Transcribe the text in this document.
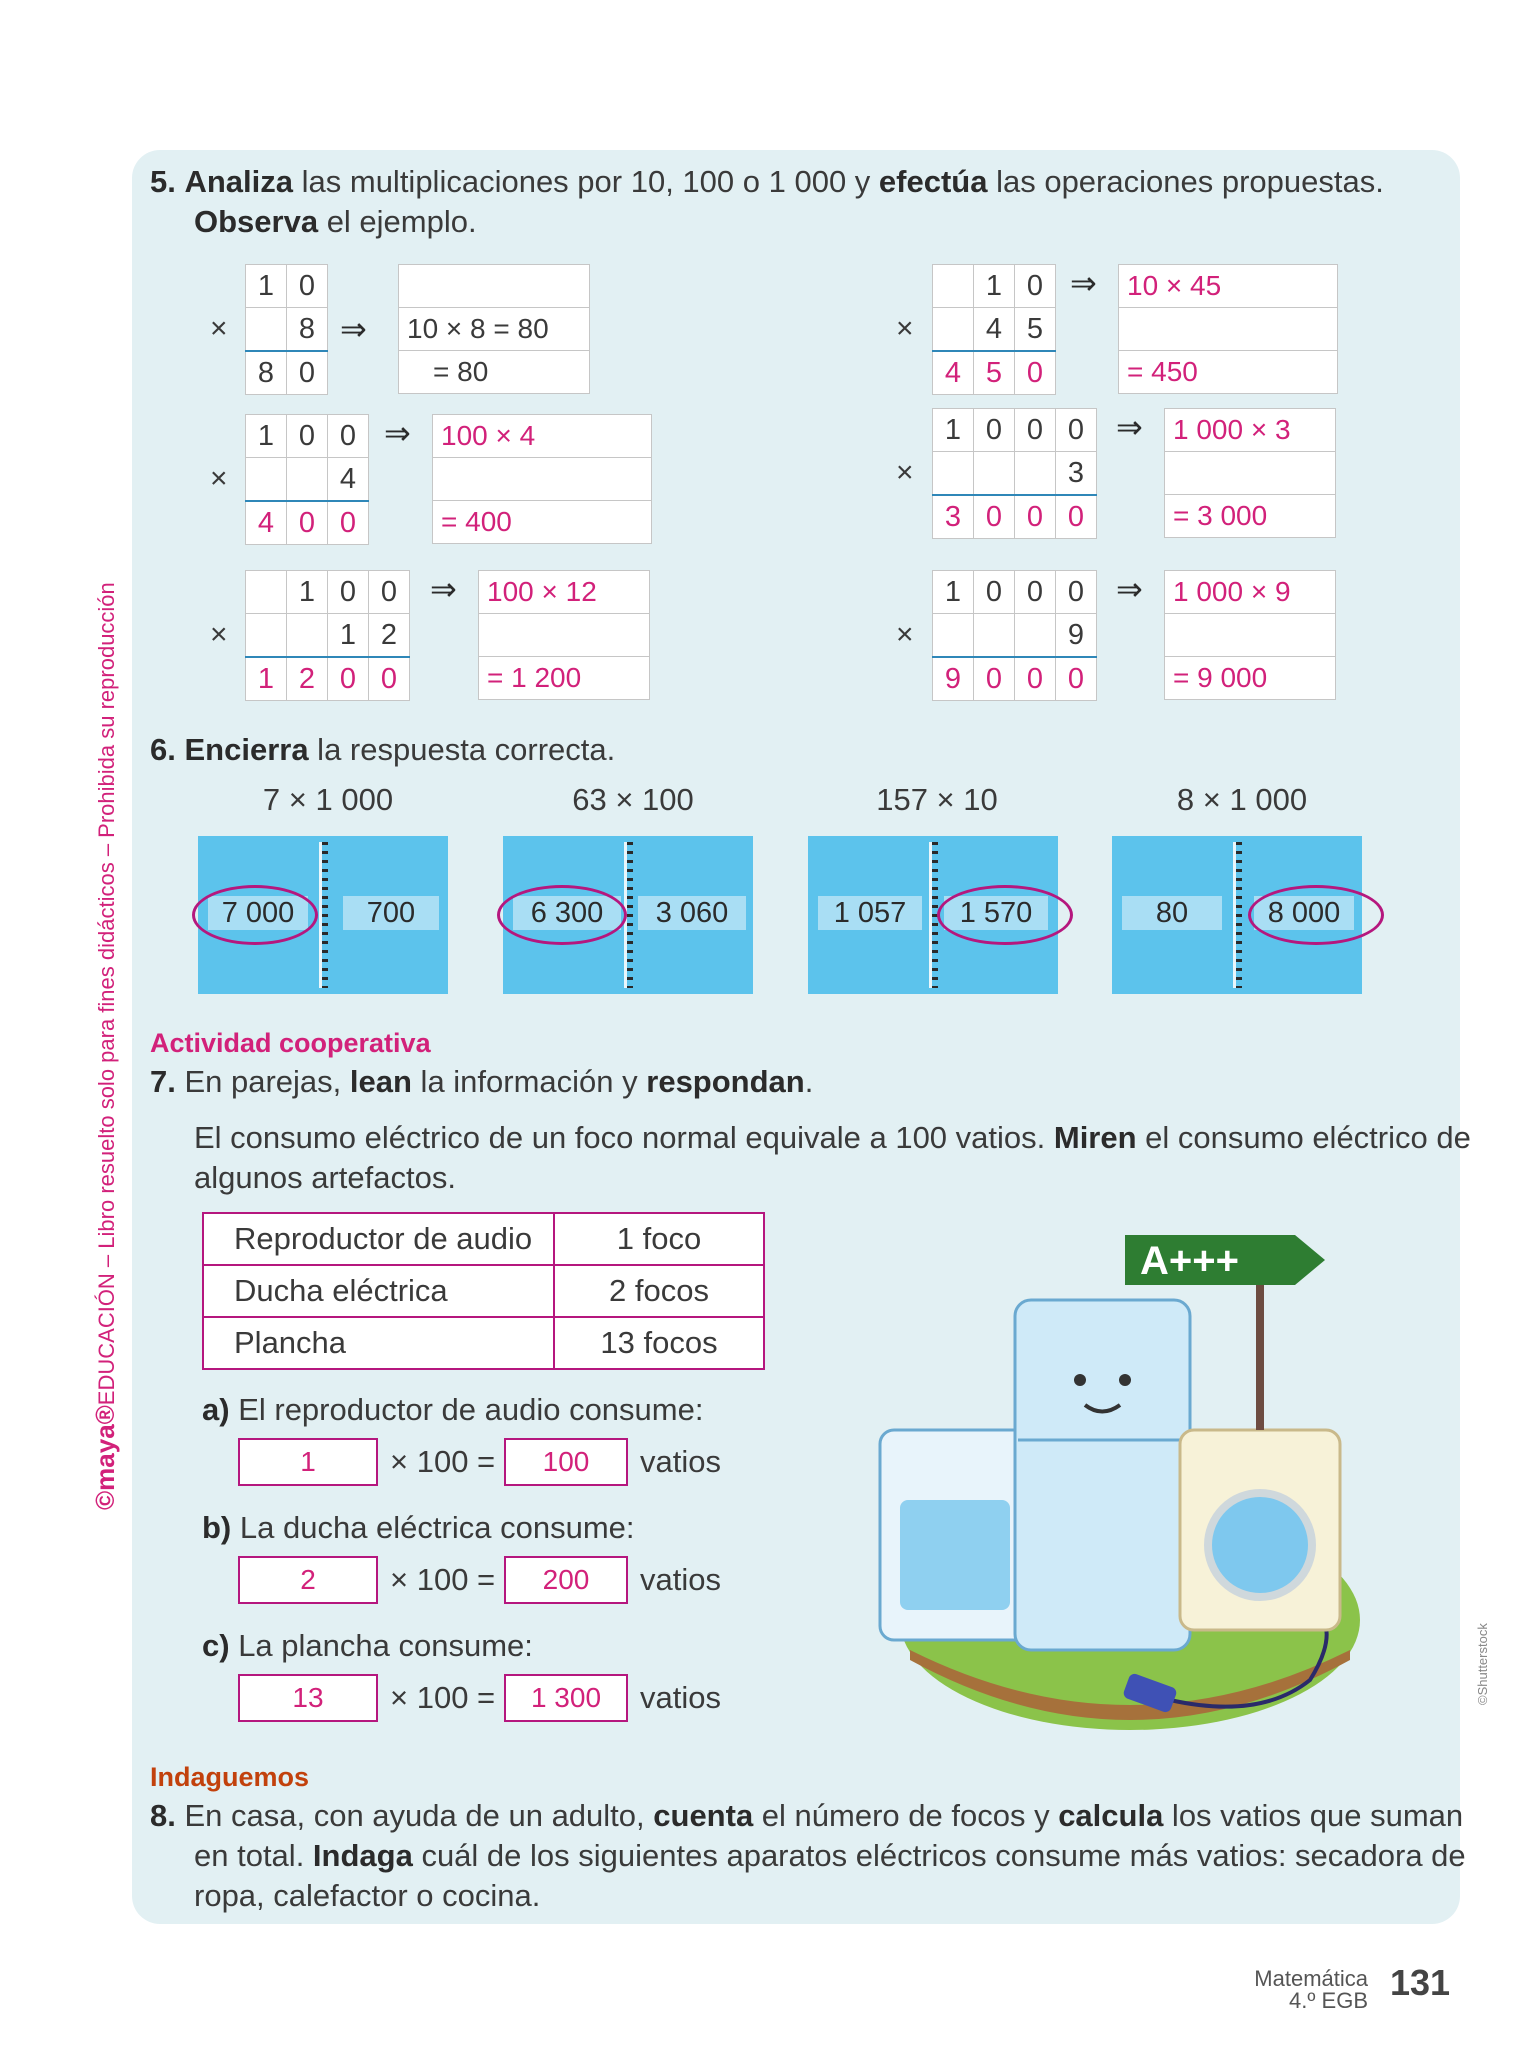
©maya®EDUCACIÓN – Libro resuelto solo para fines didácticos – Prohibida su reproducción
5. Analiza las multiplicaciones por 10, 100 o 1 000 y efectúa las operaciones propuestas.
Observa el ejemplo.
×
1	0
	8
8	0
⇒ 10 × 8 = 80
= 80
×
1	0	0
		4
4	0	0
⇒ 100 × 4

= 400
×
	1	0	0
		1	2
1	2	0	0
⇒ 100 × 12

= 1 200
×
	1	0
	4	5
4	5	0
⇒ 10 × 45

= 450
×
1	0	0	0
			3
3	0	0	0
⇒ 1 000 × 3

= 3 000
×
1	0	0	0
			9
9	0	0	0
⇒ 1 000 × 9

= 9 000
6. Encierra la respuesta correcta.
7 × 1 000	63 × 100	157 × 10	8 × 1 000
7 000	700	6 300	3 060	1 057	1 570	80	8 000
Actividad cooperativa
7. En parejas, lean la información y respondan.
El consumo eléctrico de un foco normal equivale a 100 vatios. Miren el consumo eléctrico de
algunos artefactos.
Reproductor de audio	1 foco
Ducha eléctrica	2 focos
Plancha	13 focos
a) El reproductor de audio consume:
1	× 100 =	100	vatios
b) La ducha eléctrica consume:
2	× 100 =	200	vatios
c) La plancha consume:
13	× 100 =	1 300	vatios
A+++
Indaguemos
8. En casa, con ayuda de un adulto, cuenta el número de focos y calcula los vatios que suman
en total. Indaga cuál de los siguientes aparatos eléctricos consume más vatios: secadora de
ropa, calefactor o cocina.
©Shutterstock
Matemática
4.º EGB 131
